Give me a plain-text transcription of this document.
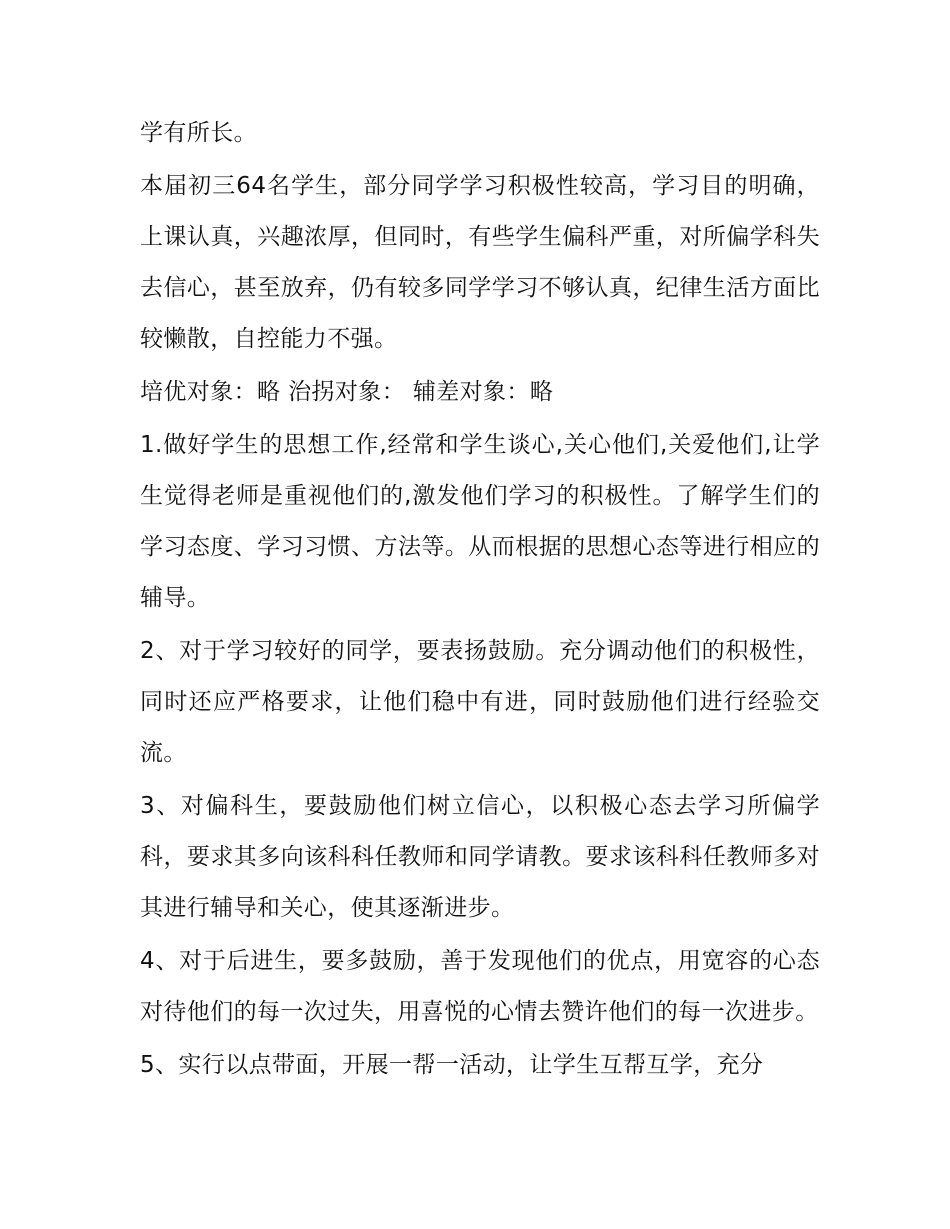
学有所长。

本届初三64名学生，部分同学学习积极性较高，学习目的明确，上课认真，兴趣浓厚，但同时，有些学生偏科严重，对所偏学科失去信心，甚至放弃，仍有较多同学学习不够认真，纪律生活方面比较懒散，自控能力不强。

培优对象：略 治拐对象： 辅差对象：略

1.做好学生的思想工作,经常和学生谈心,关心他们,关爱他们,让学生觉得老师是重视他们的,激发他们学习的积极性。了解学生们的学习态度、学习习惯、方法等。从而根据的思想心态等进行相应的辅导。

2、对于学习较好的同学，要表扬鼓励。充分调动他们的积极性，同时还应严格要求，让他们稳中有进，同时鼓励他们进行经验交流。

3、对偏科生，要鼓励他们树立信心，以积极心态去学习所偏学科，要求其多向该科科任教师和同学请教。要求该科科任教师多对其进行辅导和关心，使其逐渐进步。

4、对于后进生，要多鼓励，善于发现他们的优点，用宽容的心态对待他们的每一次过失，用喜悦的心情去赞许他们的每一次进步。

5、实行以点带面，开展一帮一活动，让学生互帮互学，充分
